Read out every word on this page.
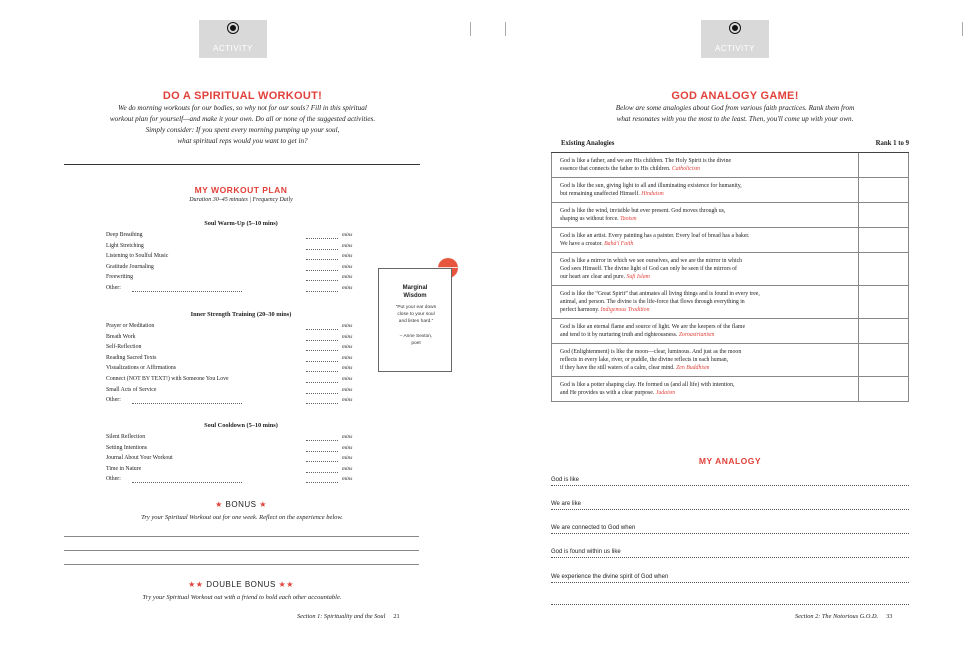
ACTIVITY
DO A SPIRITUAL WORKOUT!
We do morning workouts for our bodies, so why not for our souls? Fill in this spiritual
workout plan for yourself—and make it your own. Do all or none of the suggested activities.
Simply consider: If you spent every morning pumping up your soul,
what spiritual reps would you want to get in?
MY WORKOUT PLAN
Duration 30–45 minutes | Frequency Daily
Soul Warm-Up (5–10 mins)
Deep Breathing	mins
Light Stretching	mins
Listening to Soulful Music	mins
Gratitude Journaling	mins
Freewriting	mins
Other:	mins
Inner Strength Training (20–30 mins)
Prayer or Meditation	mins
Breath Work	mins
Self-Reflection	mins
Reading Sacred Texts	mins
Visualizations or Affirmations	mins
Connect (NOT BY TEXT!) with Someone You Love	mins
Small Acts of Service	mins
Other:	mins
Soul Cooldown (5–10 mins)
Silent Reflection	mins
Setting Intentions	mins
Journal About Your Workout	mins
Time in Nature	mins
Other:	mins
Marginal
Wisdom
“Put your ear down
close to your soul
and listen hard.”
– Anne Sexton,
poet
★ BONUS ★
Try your Spiritual Workout out for one week. Reflect on the experience below.
★★ DOUBLE BONUS ★★
Try your Spiritual Workout out with a friend to hold each other accountable.
Section 1: Spirituality and the Soul 21
ACTIVITY
GOD ANALOGY GAME!
Below are some analogies about God from various faith practices. Rank them from
what resonates with you the most to the least. Then, you'll come up with your own.
Existing Analogies	Rank 1 to 9
God is like a father, and we are His children. The Holy Spirit is the divine
essence that connects the father to His children. Catholicism
God is like the sun, giving light to all and illuminating existence for humanity,
but remaining unaffected Himself. Hinduism
God is like the wind, invisible but ever present. God moves through us,
shaping us without force. Taoism
God is like an artist. Every painting has a painter. Every loaf of bread has a baker.
We have a creator. Bahá'í Faith
God is like a mirror in which we see ourselves, and we are the mirror in which
God sees Himself. The divine light of God can only be seen if the mirrors of
our heart are clear and pure. Sufi Islam
God is like the “Great Spirit” that animates all living things and is found in every tree,
animal, and person. The divine is the life-force that flows through everything in
perfect harmony. Indigenous Tradition
God is like an eternal flame and source of light. We are the keepers of the flame
and tend to it by nurturing truth and righteousness. Zoroastrianism
God (Enlightenment) is like the moon—clear, luminous. And just as the moon
reflects in every lake, river, or puddle, the divine reflects in each human,
if they have the still waters of a calm, clear mind. Zen Buddhism
God is like a potter shaping clay. He formed us (and all life) with intention,
and He provides us with a clear purpose. Judaism
MY ANALOGY
God is like
We are like
We are connected to God when
God is found within us like
We experience the divine spirit of God when
Section 2: The Notorious G.O.D. 33
